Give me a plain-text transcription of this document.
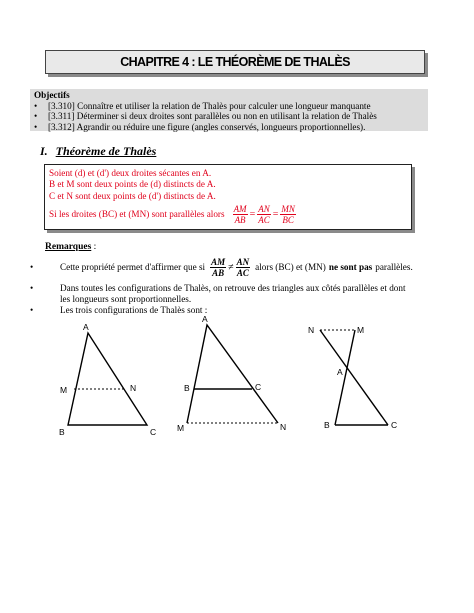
CHAPITRE 4 : LE THÉORÈME DE THALÈS
Objectifs
•	[3.310] Connaître et utiliser la relation de Thalès pour calculer une longueur manquante
•	[3.311] Déterminer si deux droites sont parallèles ou non en utilisant la relation de Thalès
•	[3.312] Agrandir ou réduire une figure (angles conservés, longueurs proportionnelles).
I. Théorème de Thalès
Soient (d) et (d') deux droites sécantes en A.
B et M sont deux points de (d) distincts de A.
C et N sont deux points de (d') distincts de A.
Si les droites (BC) et (MN) sont parallèles alors $\frac{AM}{AB} = \frac{AN}{AC} = \frac{MN}{BC}$
Remarques :
•	Cette propriété permet d'affirmer que si $\frac{AM}{AB} \ne \frac{AN}{AC}$ alors (BC) et (MN) ne sont pas parallèles.
•	Dans toutes les configurations de Thalès, on retrouve des triangles aux côtés parallèles et dont
les longueurs sont proportionnelles.
•	Les trois configurations de Thalès sont :
A
M	N
B	C
A
B	C
M	N
N	M
A
B	C
